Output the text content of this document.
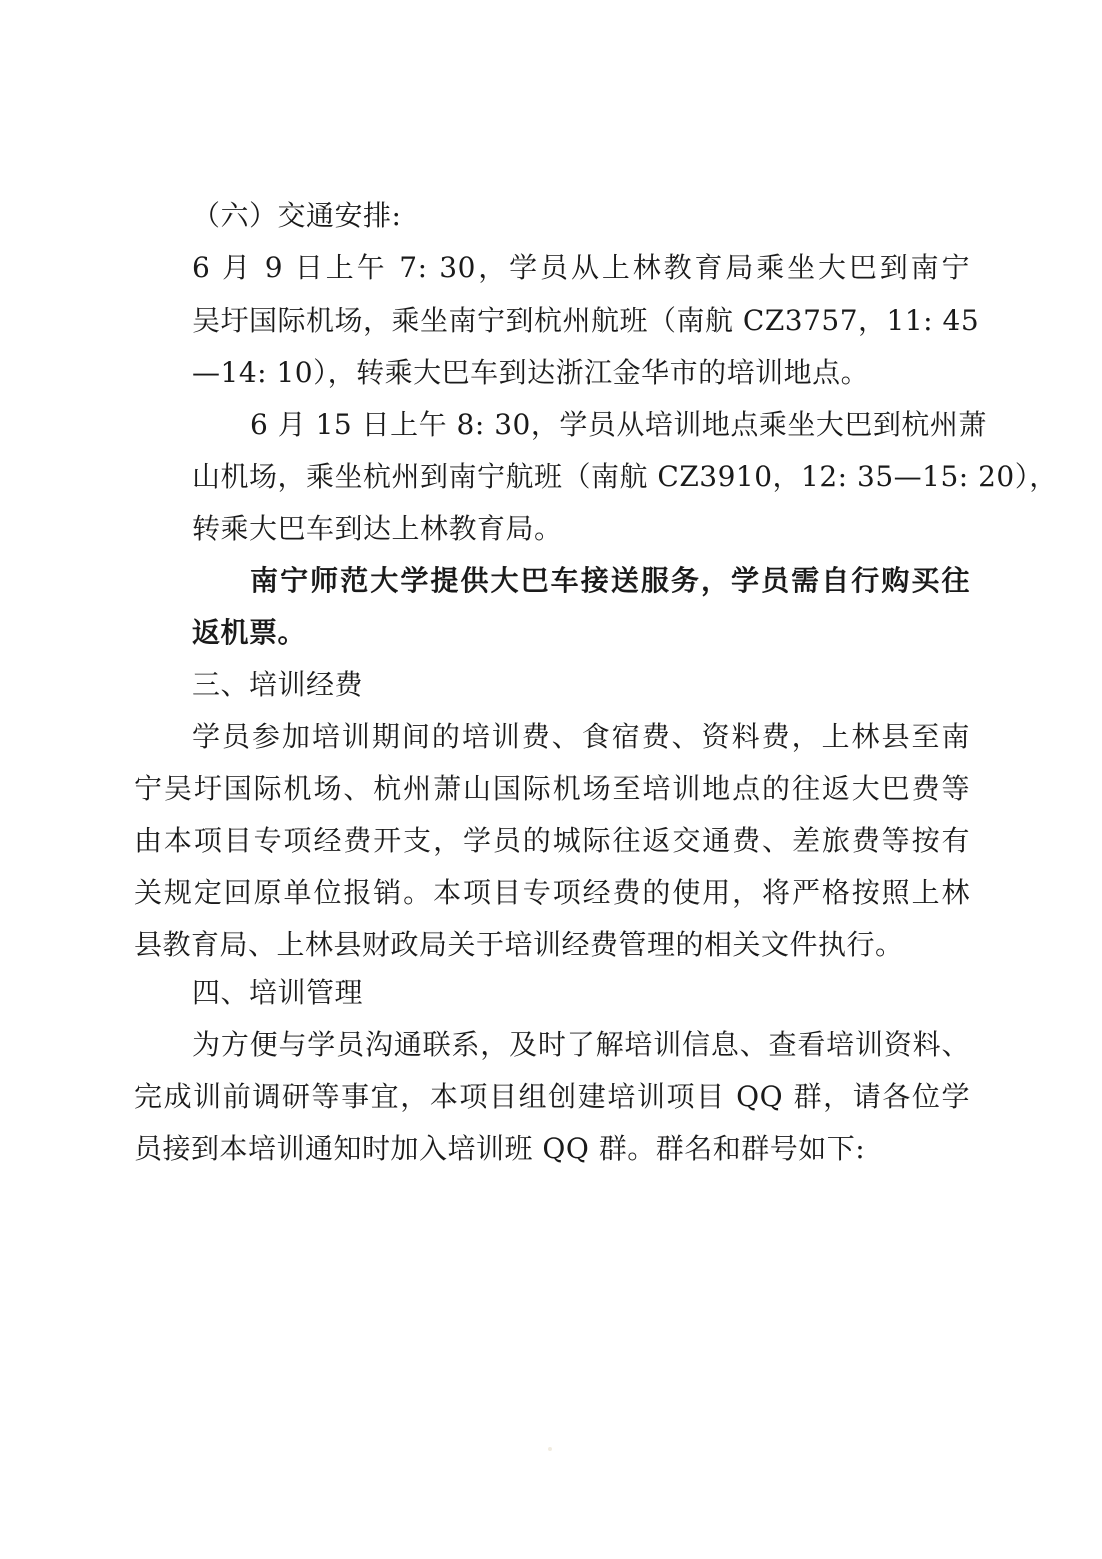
（六）交通安排:
6 月 9 日上午 7: 30，学员从上林教育局乘坐大巴到南宁
吴圩国际机场，乘坐南宁到杭州航班（南航 CZ3757，11: 45
—14: 10），转乘大巴车到达浙江金华市的培训地点。
6 月 15 日上午 8: 30，学员从培训地点乘坐大巴到杭州萧
山机场，乘坐杭州到南宁航班（南航 CZ3910，12: 35—15: 20），
转乘大巴车到达上林教育局。
南宁师范大学提供大巴车接送服务，学员需自行购买往
返机票。
三、培训经费
学员参加培训期间的培训费、食宿费、资料费，上林县至南
宁吴圩国际机场、杭州萧山国际机场至培训地点的往返大巴费等
由本项目专项经费开支，学员的城际往返交通费、差旅费等按有
关规定回原单位报销。本项目专项经费的使用，将严格按照上林
县教育局、上林县财政局关于培训经费管理的相关文件执行。
四、培训管理
为方便与学员沟通联系，及时了解培训信息、查看培训资料、
完成训前调研等事宜，本项目组创建培训项目 QQ 群，请各位学
员接到本培训通知时加入培训班 QQ 群。群名和群号如下:
